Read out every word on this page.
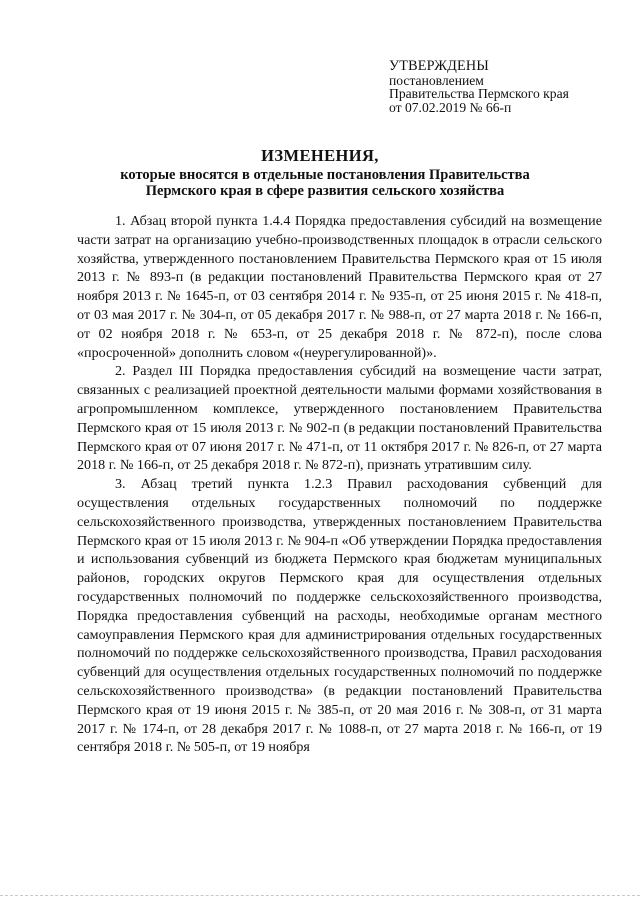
УТВЕРЖДЕНЫ
постановлением
Правительства Пермского края
от 07.02.2019 № 66-п
ИЗМЕНЕНИЯ,
которые вносятся в отдельные постановления Правительства
Пермского края в сфере развития сельского хозяйства

1. Абзац второй пункта 1.4.4 Порядка предоставления субсидий на возмещение части затрат на организацию учебно-производственных площадок в отрасли сельского хозяйства, утвержденного постановлением Правительства Пермского края от 15 июля 2013 г. № 893-п (в редакции постановлений Правительства Пермского края от 27 ноября 2013 г. № 1645-п, от 03 сентября 2014 г. № 935-п, от 25 июня 2015 г. № 418-п, от 03 мая 2017 г. № 304-п, от 05 декабря 2017 г. № 988-п, от 27 марта 2018 г. № 166-п, от 02 ноября 2018 г. № 653-п, от 25 декабря 2018 г. № 872-п), после слова «просроченной» дополнить словом «(неурегулированной)».

2. Раздел III Порядка предоставления субсидий на возмещение части затрат, связанных с реализацией проектной деятельности малыми формами хозяйствования в агропромышленном комплексе, утвержденного постановлением Правительства Пермского края от 15 июля 2013 г. № 902-п (в редакции постановлений Правительства Пермского края от 07 июня 2017 г. № 471-п, от 11 октября 2017 г. № 826-п, от 27 марта 2018 г. № 166-п, от 25 декабря 2018 г. № 872-п), признать утратившим силу.

3. Абзац третий пункта 1.2.3 Правил расходования субвенций для осуществления отдельных государственных полномочий по поддержке сельскохозяйственного производства, утвержденных постановлением Правительства Пермского края от 15 июля 2013 г. № 904-п «Об утверждении Порядка предоставления и использования субвенций из бюджета Пермского края бюджетам муниципальных районов, городских округов Пермского края для осуществления отдельных государственных полномочий по поддержке сельскохозяйственного производства, Порядка предоставления субвенций на расходы, необходимые органам местного самоуправления Пермского края для администрирования отдельных государственных полномочий по поддержке сельскохозяйственного производства, Правил расходования субвенций для осуществления отдельных государственных полномочий по поддержке сельскохозяйственного производства» (в редакции постановлений Правительства Пермского края от 19 июня 2015 г. № 385-п, от 20 мая 2016 г. № 308-п, от 31 марта 2017 г. № 174-п, от 28 декабря 2017 г. № 1088-п, от 27 марта 2018 г. № 166-п, от 19 сентября 2018 г. № 505-п, от 19 ноября
